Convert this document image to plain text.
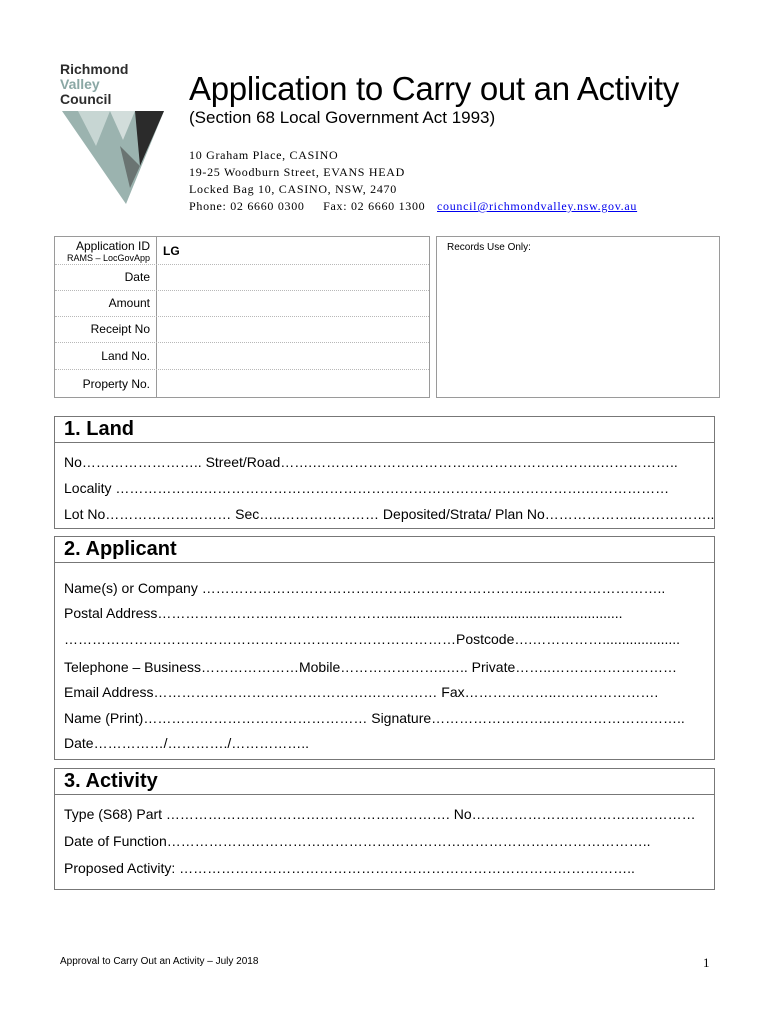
Richmond
Valley
Council	Application to Carry out an Activity
(Section 68 Local Government Act 1993)
10 Graham Place, CASINO
19-25 Woodburn Street, EVANS HEAD
Locked Bag 10, CASINO, NSW, 2470
Phone: 02 6660 0300     Fax: 02 6660 1300 council@richmondvalley.nsw.gov.au
Application ID
RAMS – LocGovApp LG
Date
Amount
Receipt No
Land No.
Property No.
Records Use Only:
1. Land
No…………………….. Street/Road…….……………………………………………………..……………..
Locality ……………….……………………………………………………………………….………………
Lot No……………………… Sec…..………………… Deposited/Strata/ Plan No………………..……………..
2. Applicant
Name(s) or Company ……………………………………………………………..………………………..
Postal Address…………………….…………………….............................................................
…………………………………………………………………………Postcode….……………....................
Telephone – Business…………………Mobile…………………..….. Private……..………………………
Email Address……………………………………….…………… Fax………………..………………….
Name (Print)………………………………………… Signature……………………..………………………..
Date……………/…………./……………..
3. Activity
Type (S68) Part ……………………………………………………. No…………………………………………
Date of Function…………………………………………………………………………………………..
Proposed Activity: ……………………………………………………………………………………..
Approval to Carry Out an Activity – July 2018	1
